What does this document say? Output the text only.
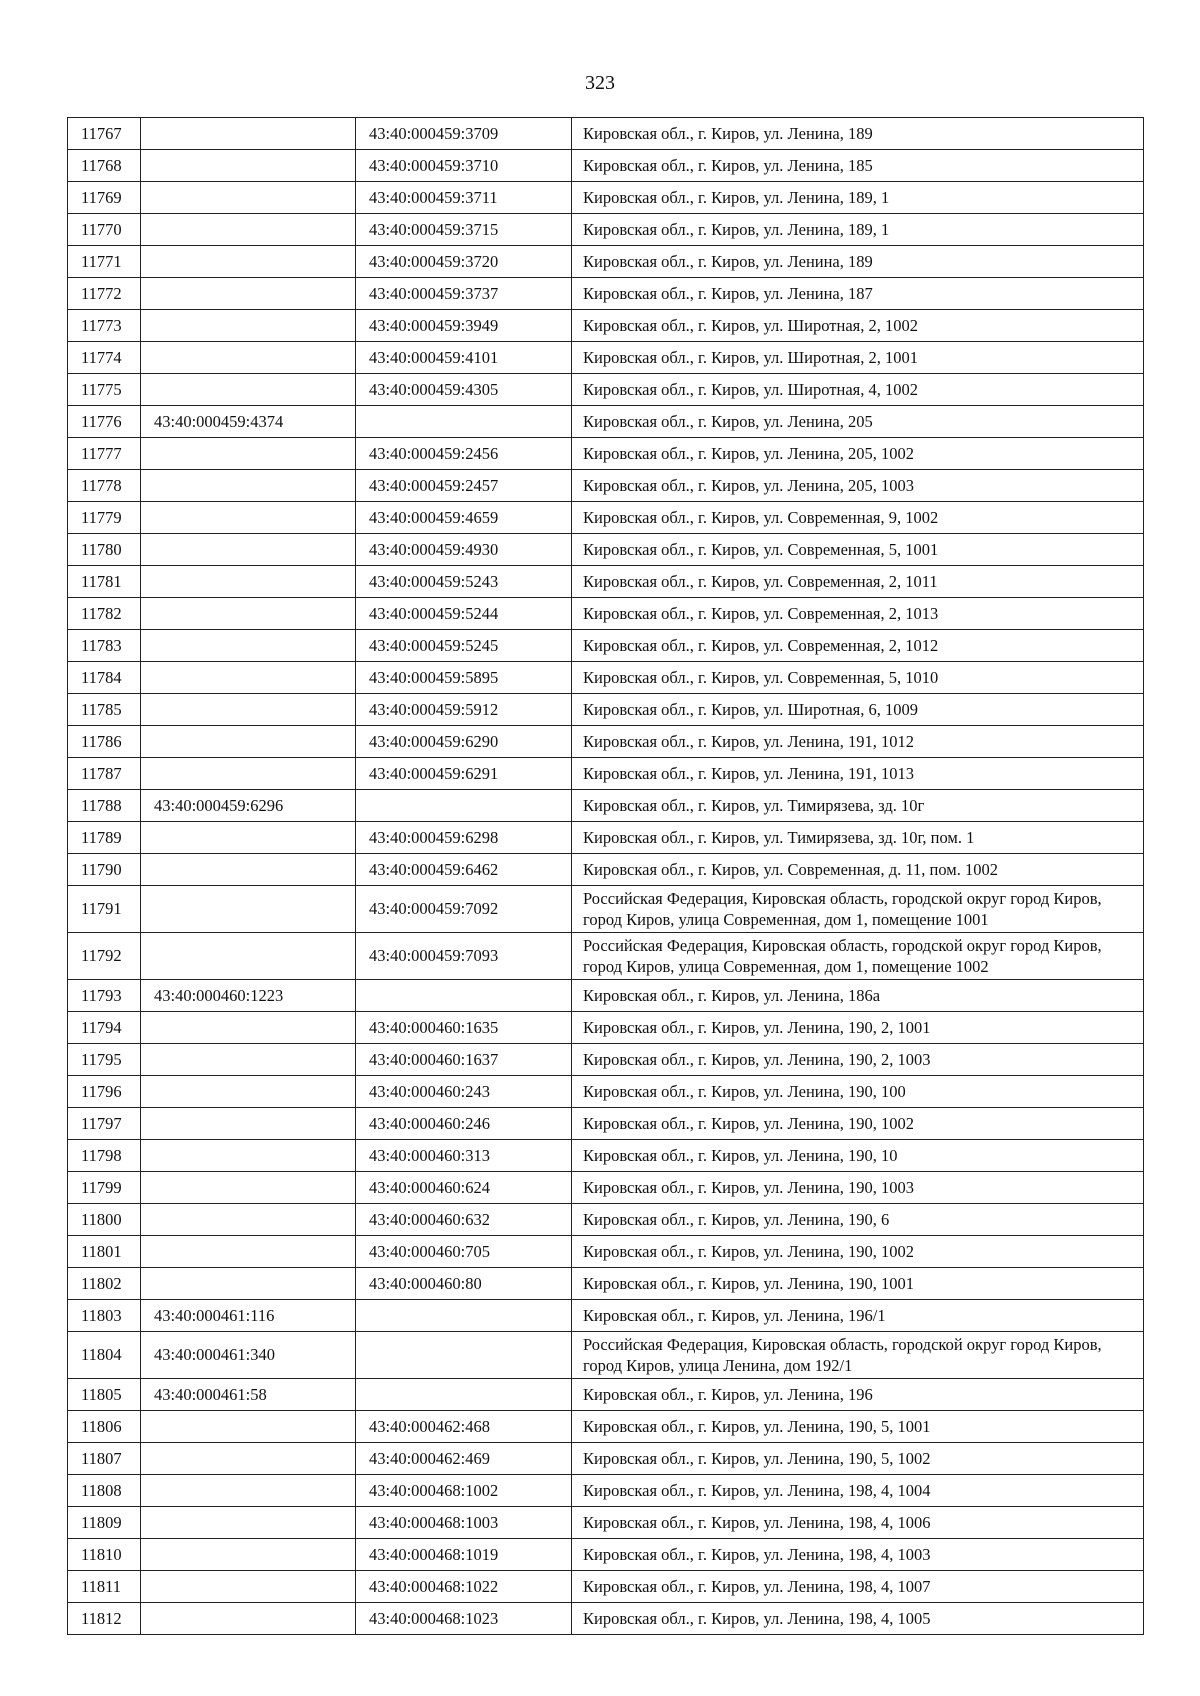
323
11767		43:40:000459:3709	Кировская обл., г. Киров, ул. Ленина, 189
11768		43:40:000459:3710	Кировская обл., г. Киров, ул. Ленина, 185
11769		43:40:000459:3711	Кировская обл., г. Киров, ул. Ленина, 189, 1
11770		43:40:000459:3715	Кировская обл., г. Киров, ул. Ленина, 189, 1
11771		43:40:000459:3720	Кировская обл., г. Киров, ул. Ленина, 189
11772		43:40:000459:3737	Кировская обл., г. Киров, ул. Ленина, 187
11773		43:40:000459:3949	Кировская обл., г. Киров, ул. Широтная, 2, 1002
11774		43:40:000459:4101	Кировская обл., г. Киров, ул. Широтная, 2, 1001
11775		43:40:000459:4305	Кировская обл., г. Киров, ул. Широтная, 4, 1002
11776	43:40:000459:4374		Кировская обл., г. Киров, ул. Ленина, 205
11777		43:40:000459:2456	Кировская обл., г. Киров, ул. Ленина, 205, 1002
11778		43:40:000459:2457	Кировская обл., г. Киров, ул. Ленина, 205, 1003
11779		43:40:000459:4659	Кировская обл., г. Киров, ул. Современная, 9, 1002
11780		43:40:000459:4930	Кировская обл., г. Киров, ул. Современная, 5, 1001
11781		43:40:000459:5243	Кировская обл., г. Киров, ул. Современная, 2, 1011
11782		43:40:000459:5244	Кировская обл., г. Киров, ул. Современная, 2, 1013
11783		43:40:000459:5245	Кировская обл., г. Киров, ул. Современная, 2, 1012
11784		43:40:000459:5895	Кировская обл., г. Киров, ул. Современная, 5, 1010
11785		43:40:000459:5912	Кировская обл., г. Киров, ул. Широтная, 6, 1009
11786		43:40:000459:6290	Кировская обл., г. Киров, ул. Ленина, 191, 1012
11787		43:40:000459:6291	Кировская обл., г. Киров, ул. Ленина, 191, 1013
11788	43:40:000459:6296		Кировская обл., г. Киров, ул. Тимирязева, зд. 10г
11789		43:40:000459:6298	Кировская обл., г. Киров, ул. Тимирязева, зд. 10г, пом. 1
11790		43:40:000459:6462	Кировская обл., г. Киров, ул. Современная, д. 11, пом. 1002
11791		43:40:000459:7092	Российская Федерация, Кировская область, городской округ город Киров, город Киров, улица Современная, дом 1, помещение 1001
11792		43:40:000459:7093	Российская Федерация, Кировская область, городской округ город Киров, город Киров, улица Современная, дом 1, помещение 1002
11793	43:40:000460:1223		Кировская обл., г. Киров, ул. Ленина, 186а
11794		43:40:000460:1635	Кировская обл., г. Киров, ул. Ленина, 190, 2, 1001
11795		43:40:000460:1637	Кировская обл., г. Киров, ул. Ленина, 190, 2, 1003
11796		43:40:000460:243	Кировская обл., г. Киров, ул. Ленина, 190, 100
11797		43:40:000460:246	Кировская обл., г. Киров, ул. Ленина, 190, 1002
11798		43:40:000460:313	Кировская обл., г. Киров, ул. Ленина, 190, 10
11799		43:40:000460:624	Кировская обл., г. Киров, ул. Ленина, 190, 1003
11800		43:40:000460:632	Кировская обл., г. Киров, ул. Ленина, 190, 6
11801		43:40:000460:705	Кировская обл., г. Киров, ул. Ленина, 190, 1002
11802		43:40:000460:80	Кировская обл., г. Киров, ул. Ленина, 190, 1001
11803	43:40:000461:116		Кировская обл., г. Киров, ул. Ленина, 196/1
11804	43:40:000461:340		Российская Федерация, Кировская область, городской округ город Киров, город Киров, улица Ленина, дом 192/1
11805	43:40:000461:58		Кировская обл., г. Киров, ул. Ленина, 196
11806		43:40:000462:468	Кировская обл., г. Киров, ул. Ленина, 190, 5, 1001
11807		43:40:000462:469	Кировская обл., г. Киров, ул. Ленина, 190, 5, 1002
11808		43:40:000468:1002	Кировская обл., г. Киров, ул. Ленина, 198, 4, 1004
11809		43:40:000468:1003	Кировская обл., г. Киров, ул. Ленина, 198, 4, 1006
11810		43:40:000468:1019	Кировская обл., г. Киров, ул. Ленина, 198, 4, 1003
11811		43:40:000468:1022	Кировская обл., г. Киров, ул. Ленина, 198, 4, 1007
11812		43:40:000468:1023	Кировская обл., г. Киров, ул. Ленина, 198, 4, 1005
